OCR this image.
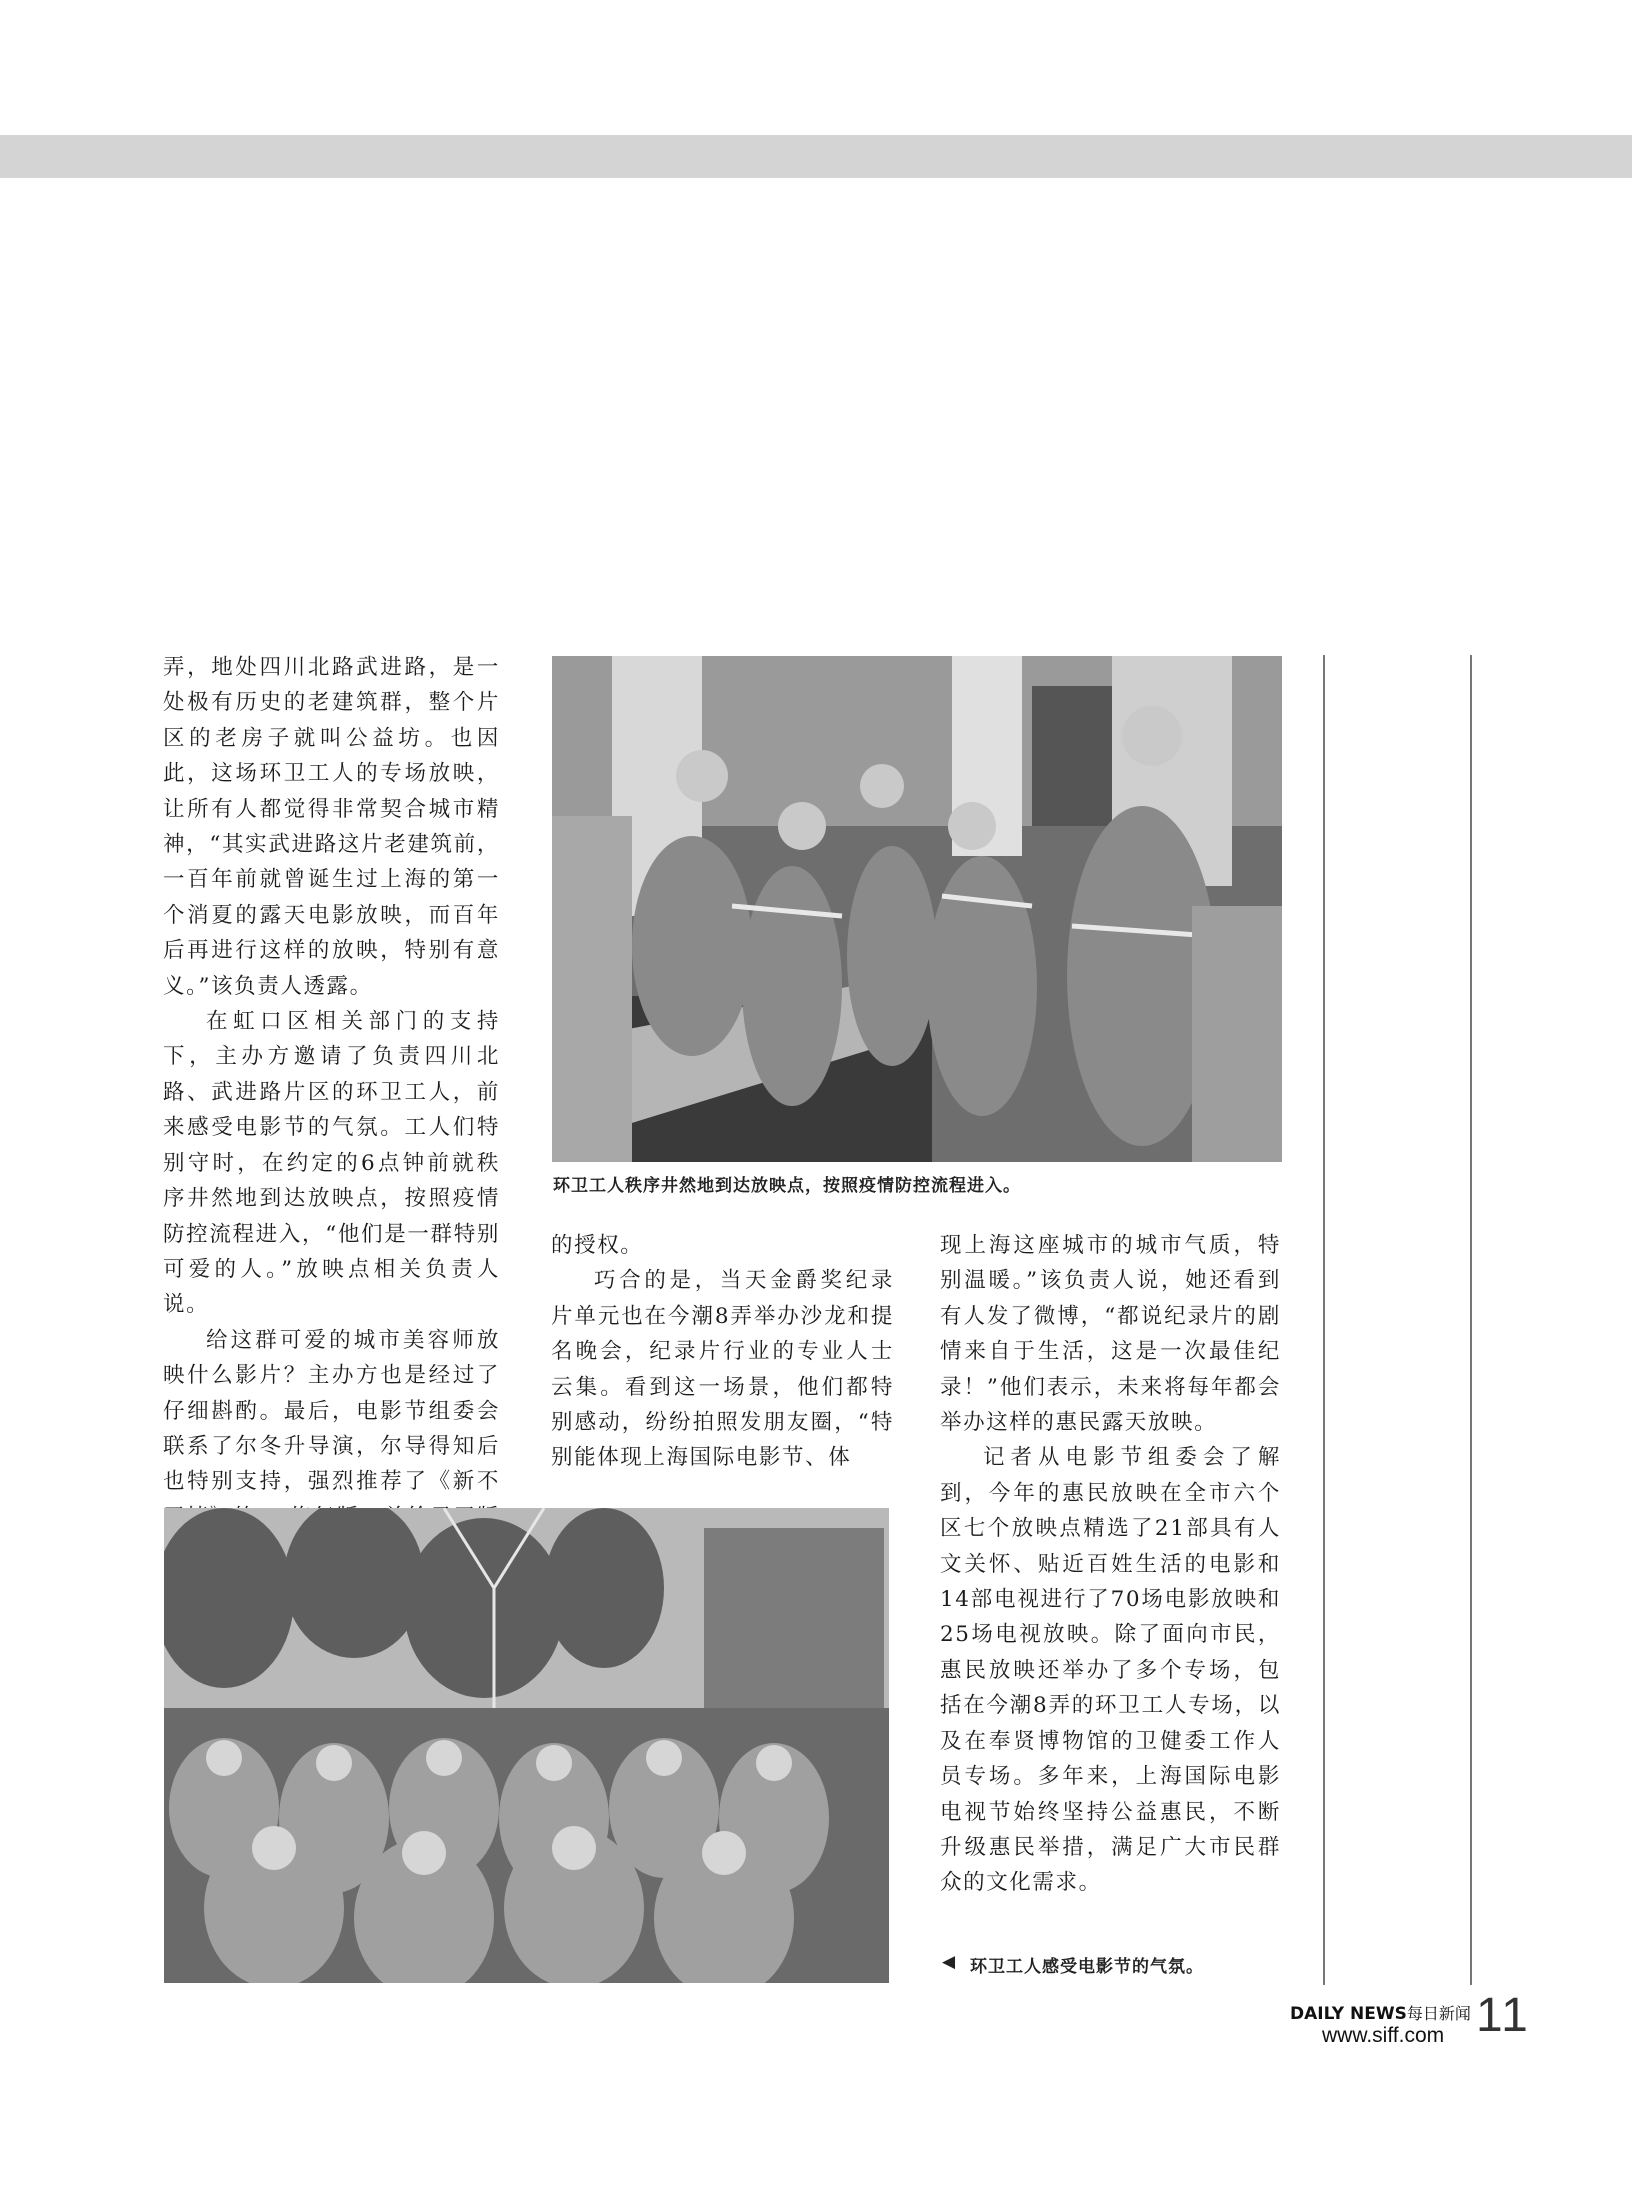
弄，地处四川北路武进路，是一处极有历史的老建筑群，整个片区的老房子就叫公益坊。也因此，这场环卫工人的专场放映，让所有人都觉得非常契合城市精神，“其实武进路这片老建筑前，一百年前就曾诞生过上海的第一个消夏的露天电影放映，而百年后再进行这样的放映，特别有意义。”该负责人透露。

在虹口区相关部门的支持下，主办方邀请了负责四川北路、武进路片区的环卫工人，前来感受电影节的气氛。工人们特别守时，在约定的6点钟前就秩序井然地到达放映点，按照疫情防控流程进入，“他们是一群特别可爱的人。”放映点相关负责人说。

给这群可爱的城市美容师放映什么影片？主办方也是经过了仔细斟酌。最后，电影节组委会联系了尔冬升导演，尔导得知后也特别支持，强烈推荐了《新不

环卫工人秩序井然地到达放映点，按照疫情防控流程进入。

的授权。

巧合的是，当天金爵奖纪录片单元也在今潮8弄举办沙龙和提名晚会，纪录片行业的专业人士云集。看到这一场景，他们都特别感动，纷纷拍照发朋友圈，“特别能体现上海国际电影节、体

现上海这座城市的城市气质，特别温暖。”该负责人说，她还看到有人发了微博，“都说纪录片的剧情来自于生活，这是一次最佳纪录！”他们表示，未来将每年都会举办这样的惠民露天放映。

记者从电影节组委会了解到，今年的惠民放映在全市六个区七个放映点精选了21部具有人文关怀、贴近百姓生活的电影和14部电视进行了70场电影放映和25场电视放映。除了面向市民，惠民放映还举办了多个专场，包括在今潮8弄的环卫工人专场，以及在奉贤博物馆的卫健委工作人员专场。多年来，上海国际电影电视节始终坚持公益惠民，不断升级惠民举措，满足广大市民群众的文化需求。

◀ 环卫工人感受电影节的气氛。
DAILY NEWS每日新闻
www.siff.com 11
